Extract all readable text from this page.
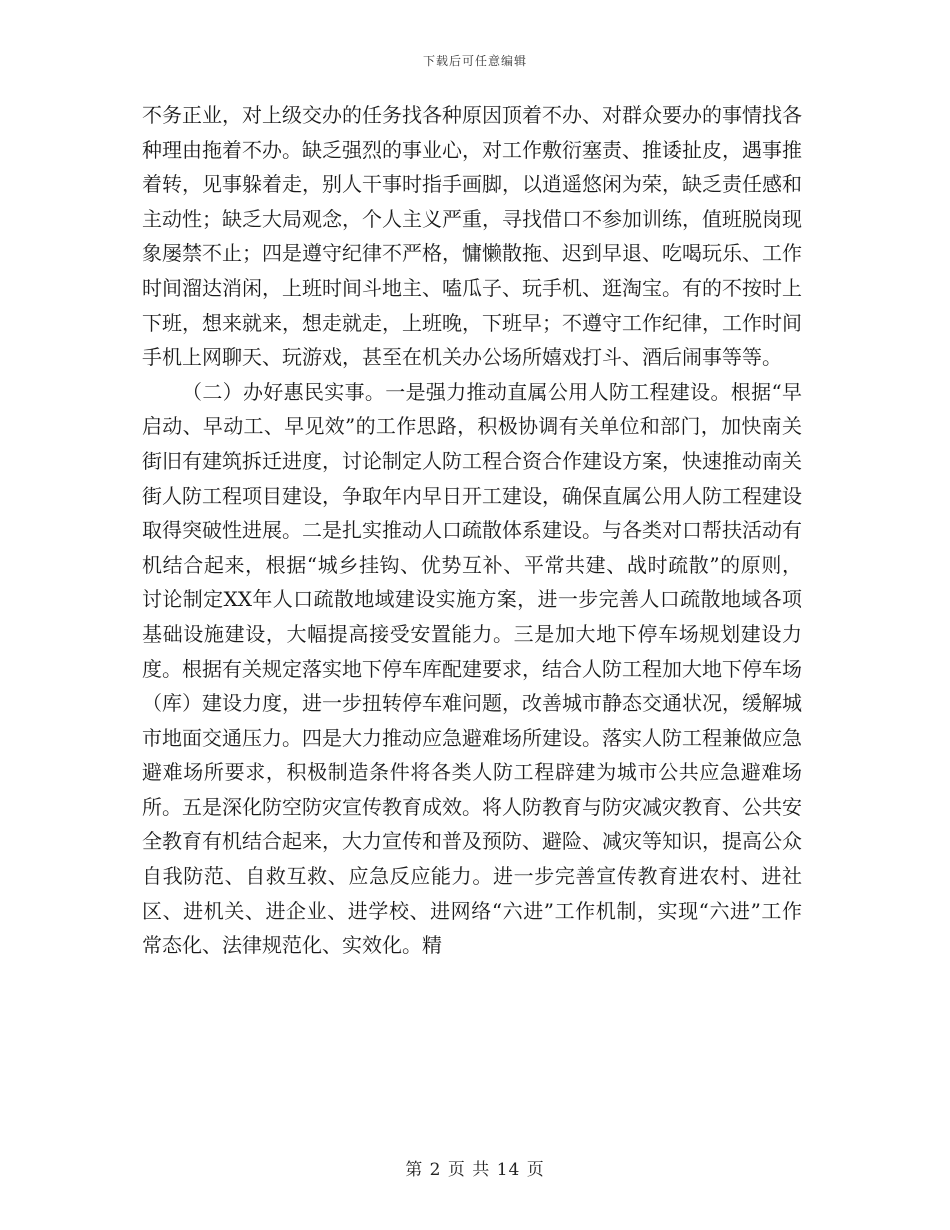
下载后可任意编辑

不务正业，对上级交办的任务找各种原因顶着不办、对群众要办的事情找各种理由拖着不办。缺乏强烈的事业心，对工作敷衍塞责、推诿扯皮，遇事推着转，见事躲着走，别人干事时指手画脚，以逍遥悠闲为荣，缺乏责任感和主动性；缺乏大局观念，个人主义严重，寻找借口不参加训练，值班脱岗现象屡禁不止；四是遵守纪律不严格，慵懒散拖、迟到早退、吃喝玩乐、工作时间溜达消闲，上班时间斗地主、嗑瓜子、玩手机、逛淘宝。有的不按时上下班，想来就来，想走就走，上班晚，下班早；不遵守工作纪律，工作时间手机上网聊天、玩游戏，甚至在机关办公场所嬉戏打斗、酒后闹事等等。

（二）办好惠民实事。一是强力推动直属公用人防工程建设。根据“早启动、早动工、早见效”的工作思路，积极协调有关单位和部门，加快南关街旧有建筑拆迁进度，讨论制定人防工程合资合作建设方案，快速推动南关街人防工程项目建设，争取年内早日开工建设，确保直属公用人防工程建设取得突破性进展。二是扎实推动人口疏散体系建设。与各类对口帮扶活动有机结合起来，根据“城乡挂钩、优势互补、平常共建、战时疏散”的原则，讨论制定XX年人口疏散地域建设实施方案，进一步完善人口疏散地域各项基础设施建设，大幅提高接受安置能力。三是加大地下停车场规划建设力度。根据有关规定落实地下停车库配建要求，结合人防工程加大地下停车场（库）建设力度，进一步扭转停车难问题，改善城市静态交通状况，缓解城市地面交通压力。四是大力推动应急避难场所建设。落实人防工程兼做应急避难场所要求，积极制造条件将各类人防工程辟建为城市公共应急避难场所。五是深化防空防灾宣传教育成效。将人防教育与防灾减灾教育、公共安全教育有机结合起来，大力宣传和普及预防、避险、减灾等知识，提高公众自我防范、自救互救、应急反应能力。进一步完善宣传教育进农村、进社区、进机关、进企业、进学校、进网络“六进”工作机制，实现“六进”工作常态化、法律规范化、实效化。精

第 2 页 共 14 页
